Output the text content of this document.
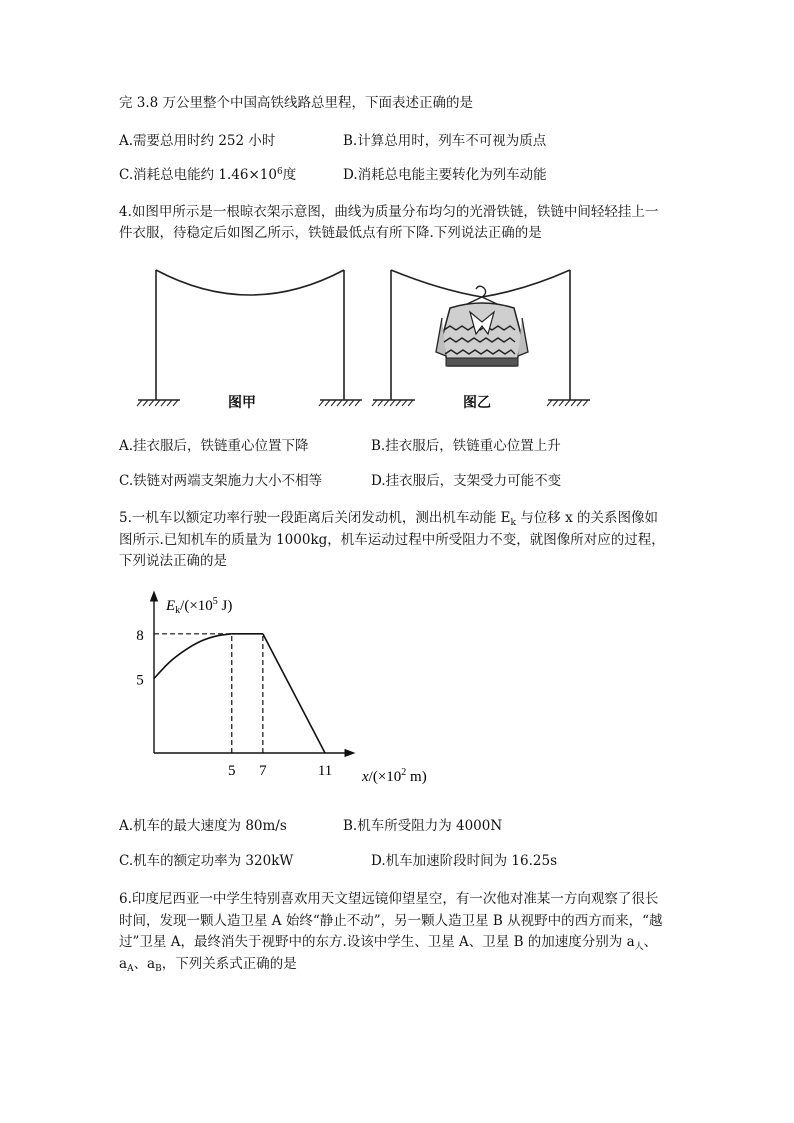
完 3.8 万公里整个中国高铁线路总里程，下面表述正确的是
A.需要总用时约 252 小时	B.计算总用时，列车不可视为质点
C.消耗总电能约 $1.46\times 10^6$度	D.消耗总电能主要转化为列车动能
4.如图甲所示是一根晾衣架示意图，曲线为质量分布均匀的光滑铁链，铁链中间轻轻挂上一
件衣服，待稳定后如图乙所示，铁链最低点有所下降.下列说法正确的是
图甲	图乙
A.挂衣服后，铁链重心位置下降	B.挂衣服后，铁链重心位置上升
C.铁链对两端支架施力大小不相等	D.挂衣服后，支架受力可能不变
5.一机车以额定功率行驶一段距离后关闭发动机，测出机车动能 $E_k$ 与位移 x 的关系图像如
图所示.已知机车的质量为 1000kg，机车运动过程中所受阻力不变，就图像所对应的过程，
下列说法正确的是
$E_k/(\times 10^5$ J)
$x/(\times 10^2$ m)
5
8
5 7	11
A.机车的最大速度为 80m/s	B.机车所受阻力为 4000N
C.机车的额定功率为 320kW	D.机车加速阶段时间为 16.25s
6.印度尼西亚一中学生特别喜欢用天文望远镜仰望星空，有一次他对准某一方向观察了很长
时间，发现一颗人造卫星 A 始终“静止不动”，另一颗人造卫星 B 从视野中的西方而来，“越
过”卫星 A，最终消失于视野中的东方.设该中学生、卫星 A、卫星 B 的加速度分别为 $a_人$、
$a_A$、$a_B$，下列关系式正确的是
